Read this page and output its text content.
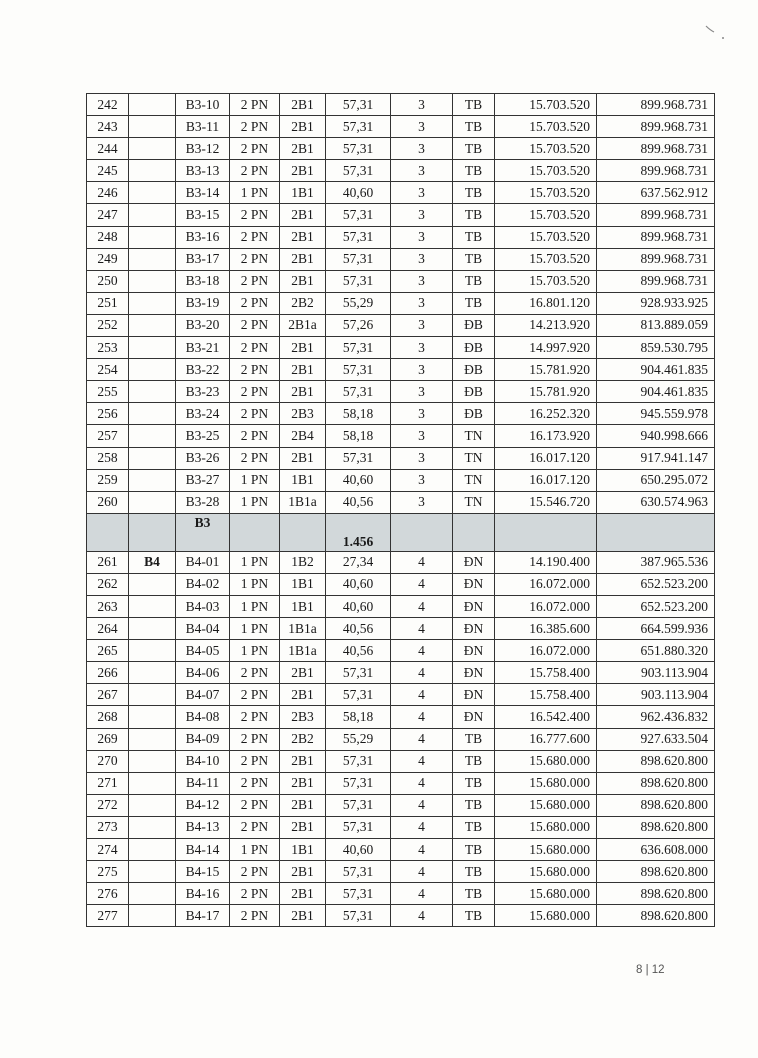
242		B3-10	2 PN	2B1	57,31	3	TB	15.703.520	899.968.731
243		B3-11	2 PN	2B1	57,31	3	TB	15.703.520	899.968.731
244		B3-12	2 PN	2B1	57,31	3	TB	15.703.520	899.968.731
245		B3-13	2 PN	2B1	57,31	3	TB	15.703.520	899.968.731
246		B3-14	1 PN	1B1	40,60	3	TB	15.703.520	637.562.912
247		B3-15	2 PN	2B1	57,31	3	TB	15.703.520	899.968.731
248		B3-16	2 PN	2B1	57,31	3	TB	15.703.520	899.968.731
249		B3-17	2 PN	2B1	57,31	3	TB	15.703.520	899.968.731
250		B3-18	2 PN	2B1	57,31	3	TB	15.703.520	899.968.731
251		B3-19	2 PN	2B2	55,29	3	TB	16.801.120	928.933.925
252		B3-20	2 PN	2B1a	57,26	3	ĐB	14.213.920	813.889.059
253		B3-21	2 PN	2B1	57,31	3	ĐB	14.997.920	859.530.795
254		B3-22	2 PN	2B1	57,31	3	ĐB	15.781.920	904.461.835
255		B3-23	2 PN	2B1	57,31	3	ĐB	15.781.920	904.461.835
256		B3-24	2 PN	2B3	58,18	3	ĐB	16.252.320	945.559.978
257		B3-25	2 PN	2B4	58,18	3	TN	16.173.920	940.998.666
258		B3-26	2 PN	2B1	57,31	3	TN	16.017.120	917.941.147
259		B3-27	1 PN	1B1	40,60	3	TN	16.017.120	650.295.072
260		B3-28	1 PN	1B1a	40,56	3	TN	15.546.720	630.574.963
		B3			1.456				
261	B4	B4-01	1 PN	1B2	27,34	4	ĐN	14.190.400	387.965.536
262		B4-02	1 PN	1B1	40,60	4	ĐN	16.072.000	652.523.200
263		B4-03	1 PN	1B1	40,60	4	ĐN	16.072.000	652.523.200
264		B4-04	1 PN	1B1a	40,56	4	ĐN	16.385.600	664.599.936
265		B4-05	1 PN	1B1a	40,56	4	ĐN	16.072.000	651.880.320
266		B4-06	2 PN	2B1	57,31	4	ĐN	15.758.400	903.113.904
267		B4-07	2 PN	2B1	57,31	4	ĐN	15.758.400	903.113.904
268		B4-08	2 PN	2B3	58,18	4	ĐN	16.542.400	962.436.832
269		B4-09	2 PN	2B2	55,29	4	TB	16.777.600	927.633.504
270		B4-10	2 PN	2B1	57,31	4	TB	15.680.000	898.620.800
271		B4-11	2 PN	2B1	57,31	4	TB	15.680.000	898.620.800
272		B4-12	2 PN	2B1	57,31	4	TB	15.680.000	898.620.800
273		B4-13	2 PN	2B1	57,31	4	TB	15.680.000	898.620.800
274		B4-14	1 PN	1B1	40,60	4	TB	15.680.000	636.608.000
275		B4-15	2 PN	2B1	57,31	4	TB	15.680.000	898.620.800
276		B4-16	2 PN	2B1	57,31	4	TB	15.680.000	898.620.800
277		B4-17	2 PN	2B1	57,31	4	TB	15.680.000	898.620.800
8 | 12
